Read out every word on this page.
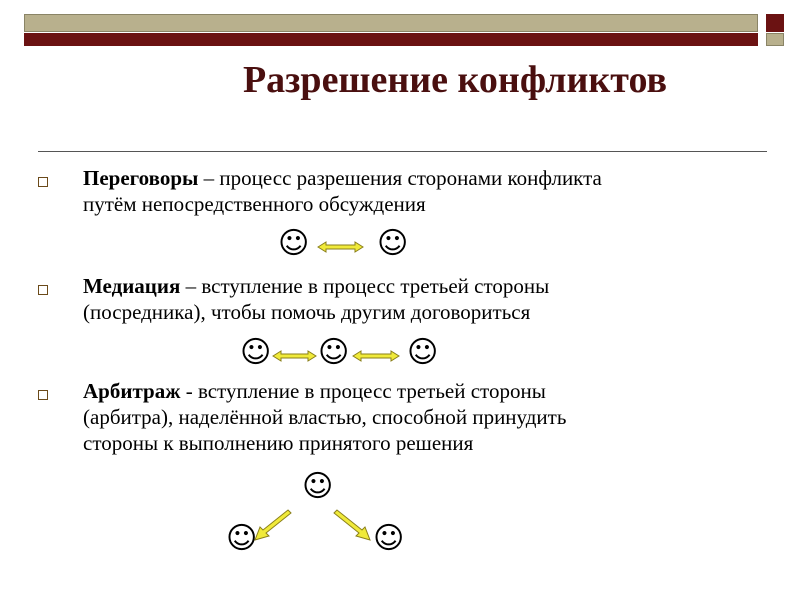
Разрешение конфликтов
Переговоры – процесс разрешения сторонами конфликта
путём непосредственного обсуждения
Медиация – вступление в процесс третьей стороны
(посредника), чтобы помочь другим договориться
Арбитраж - вступление в процесс третьей стороны
(арбитра), наделённой властью, способной принудить
стороны к выполнению принятого решения
☺ ☺
☺ ☺ ☺
☺
☺	☺
